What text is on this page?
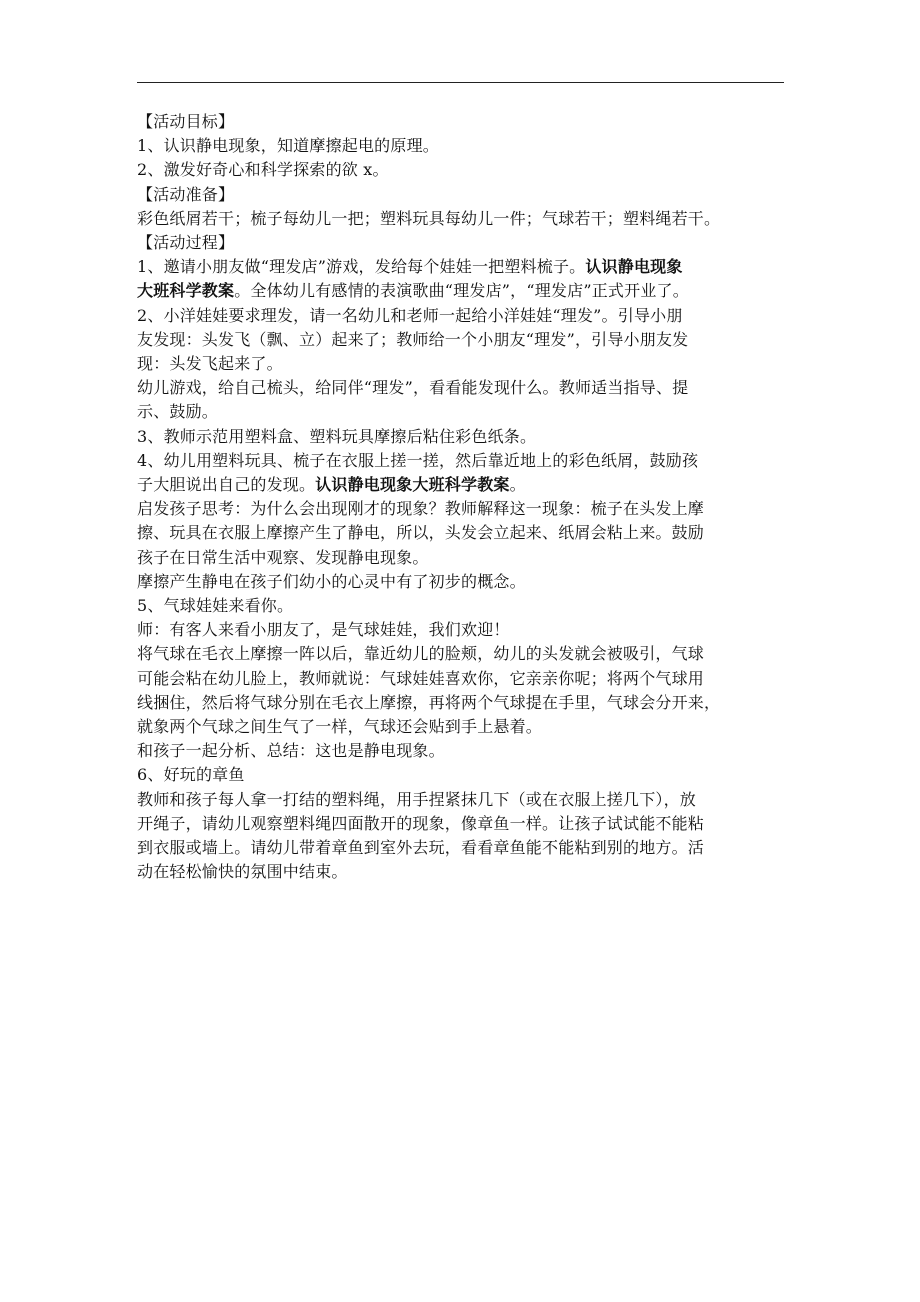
【活动目标】
1、认识静电现象，知道摩擦起电的原理。
2、激发好奇心和科学探索的欲 x。
【活动准备】
彩色纸屑若干；梳子每幼儿一把；塑料玩具每幼儿一件；气球若干；塑料绳若干。
【活动过程】
1、邀请小朋友做“理发店”游戏，发给每个娃娃一把塑料梳子。认识静电现象
大班科学教案。全体幼儿有感情的表演歌曲“理发店”，“理发店”正式开业了。
2、小洋娃娃要求理发，请一名幼儿和老师一起给小洋娃娃“理发”。引导小朋
友发现：头发飞（飘、立）起来了；教师给一个小朋友“理发”，引导小朋友发
现：头发飞起来了。
幼儿游戏，给自己梳头，给同伴“理发”，看看能发现什么。教师适当指导、提
示、鼓励。
3、教师示范用塑料盒、塑料玩具摩擦后粘住彩色纸条。
4、幼儿用塑料玩具、梳子在衣服上搓一搓，然后靠近地上的彩色纸屑，鼓励孩
子大胆说出自己的发现。认识静电现象大班科学教案。
启发孩子思考：为什么会出现刚才的现象？教师解释这一现象：梳子在头发上摩
擦、玩具在衣服上摩擦产生了静电，所以，头发会立起来、纸屑会粘上来。鼓励
孩子在日常生活中观察、发现静电现象。
摩擦产生静电在孩子们幼小的心灵中有了初步的概念。
5、气球娃娃来看你。
师：有客人来看小朋友了，是气球娃娃，我们欢迎！
将气球在毛衣上摩擦一阵以后，靠近幼儿的脸颊，幼儿的头发就会被吸引，气球
可能会粘在幼儿脸上，教师就说：气球娃娃喜欢你，它亲亲你呢；将两个气球用
线捆住，然后将气球分别在毛衣上摩擦，再将两个气球提在手里，气球会分开来，
就象两个气球之间生气了一样，气球还会贴到手上悬着。
和孩子一起分析、总结：这也是静电现象。
6、好玩的章鱼
教师和孩子每人拿一打结的塑料绳，用手捏紧抹几下（或在衣服上搓几下），放
开绳子，请幼儿观察塑料绳四面散开的现象，像章鱼一样。让孩子试试能不能粘
到衣服或墙上。请幼儿带着章鱼到室外去玩，看看章鱼能不能粘到别的地方。活
动在轻松愉快的氛围中结束。
